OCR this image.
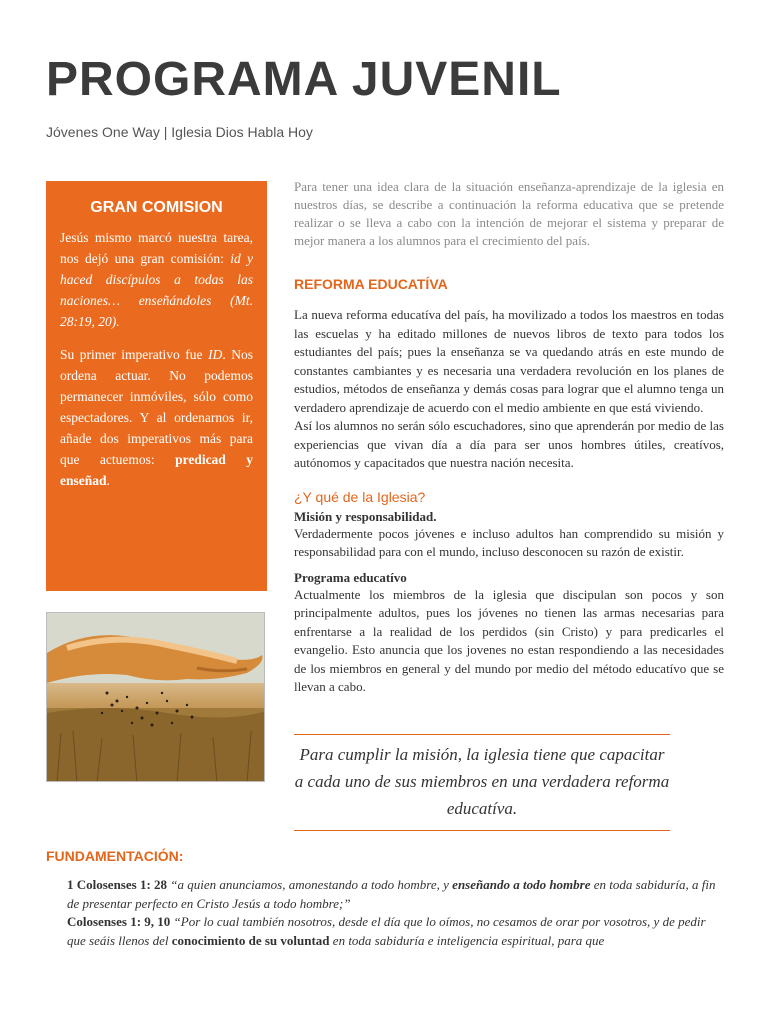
PROGRAMA JUVENIL
Jóvenes One Way | Iglesia Dios Habla Hoy
GRAN COMISION

Jesús mismo marcó nuestra tarea, nos dejó una gran comisión: id y haced discípulos a todas las naciones… enseñándoles (Mt. 28:19, 20).

Su primer imperativo fue ID. Nos ordena actuar. No podemos permanecer inmóviles, sólo como espectadores. Y al ordenarnos ir, añade dos imperativos más para que actuemos: predicad y enseñad.

Para tener una idea clara de la situación enseñanza-aprendizaje de la iglesia en nuestros días, se describe a continuación la reforma educativa que se pretende realizar o se lleva a cabo con la intención de mejorar el sistema y preparar de mejor manera a los alumnos para el crecimiento del país.

REFORMA EDUCATÍVA

La nueva reforma educatíva del país, ha movilizado a todos los maestros en todas las escuelas y ha editado millones de nuevos libros de texto para todos los estudiantes del país; pues la enseñanza se va quedando atrás en este mundo de constantes cambiantes y es necesaria una verdadera revolución en los planes de estudios, métodos de enseñanza y demás cosas para lograr que el alumno tenga un verdadero aprendizaje de acuerdo con el medio ambiente en que está viviendo.

Así los alumnos no serán sólo escuchadores, sino que aprenderán por medio de las experiencias que vivan día a día para ser unos hombres útiles, creatívos, autónomos y capacitados que nuestra nación necesita.

¿Y qué de la Iglesia?

Misión y responsabilidad.

Verdadermente pocos jóvenes e incluso adultos han comprendido su misión y responsabilidad para con el mundo, incluso desconocen su razón de existir.

Programa educatívo

Actualmente los miembros de la iglesia que discipulan son pocos y son principalmente adultos, pues los jóvenes no tienen las armas necesarias para enfrentarse a la realidad de los perdidos (sin Cristo) y para predicarles el evangelio. Esto anuncia que los jovenes no estan respondiendo a las necesidades de los miembros en general y del mundo por medio del método educatívo que se llevan a cabo.

Para cumplir la misión, la iglesia tiene que capacitar a cada uno de sus miembros en una verdadera reforma educatíva.
FUNDAMENTACIÓN:
1 Colosenses 1: 28 “a quien anunciamos, amonestando a todo hombre, y enseñando a todo hombre en toda sabiduría, a fin de presentar perfecto en Cristo Jesús a todo hombre;”
Colosenses 1: 9, 10 “Por lo cual también nosotros, desde el día que lo oímos, no cesamos de orar por vosotros, y de pedir que seáis llenos del conocimiento de su voluntad en toda sabiduría e inteligencia espiritual, para que
